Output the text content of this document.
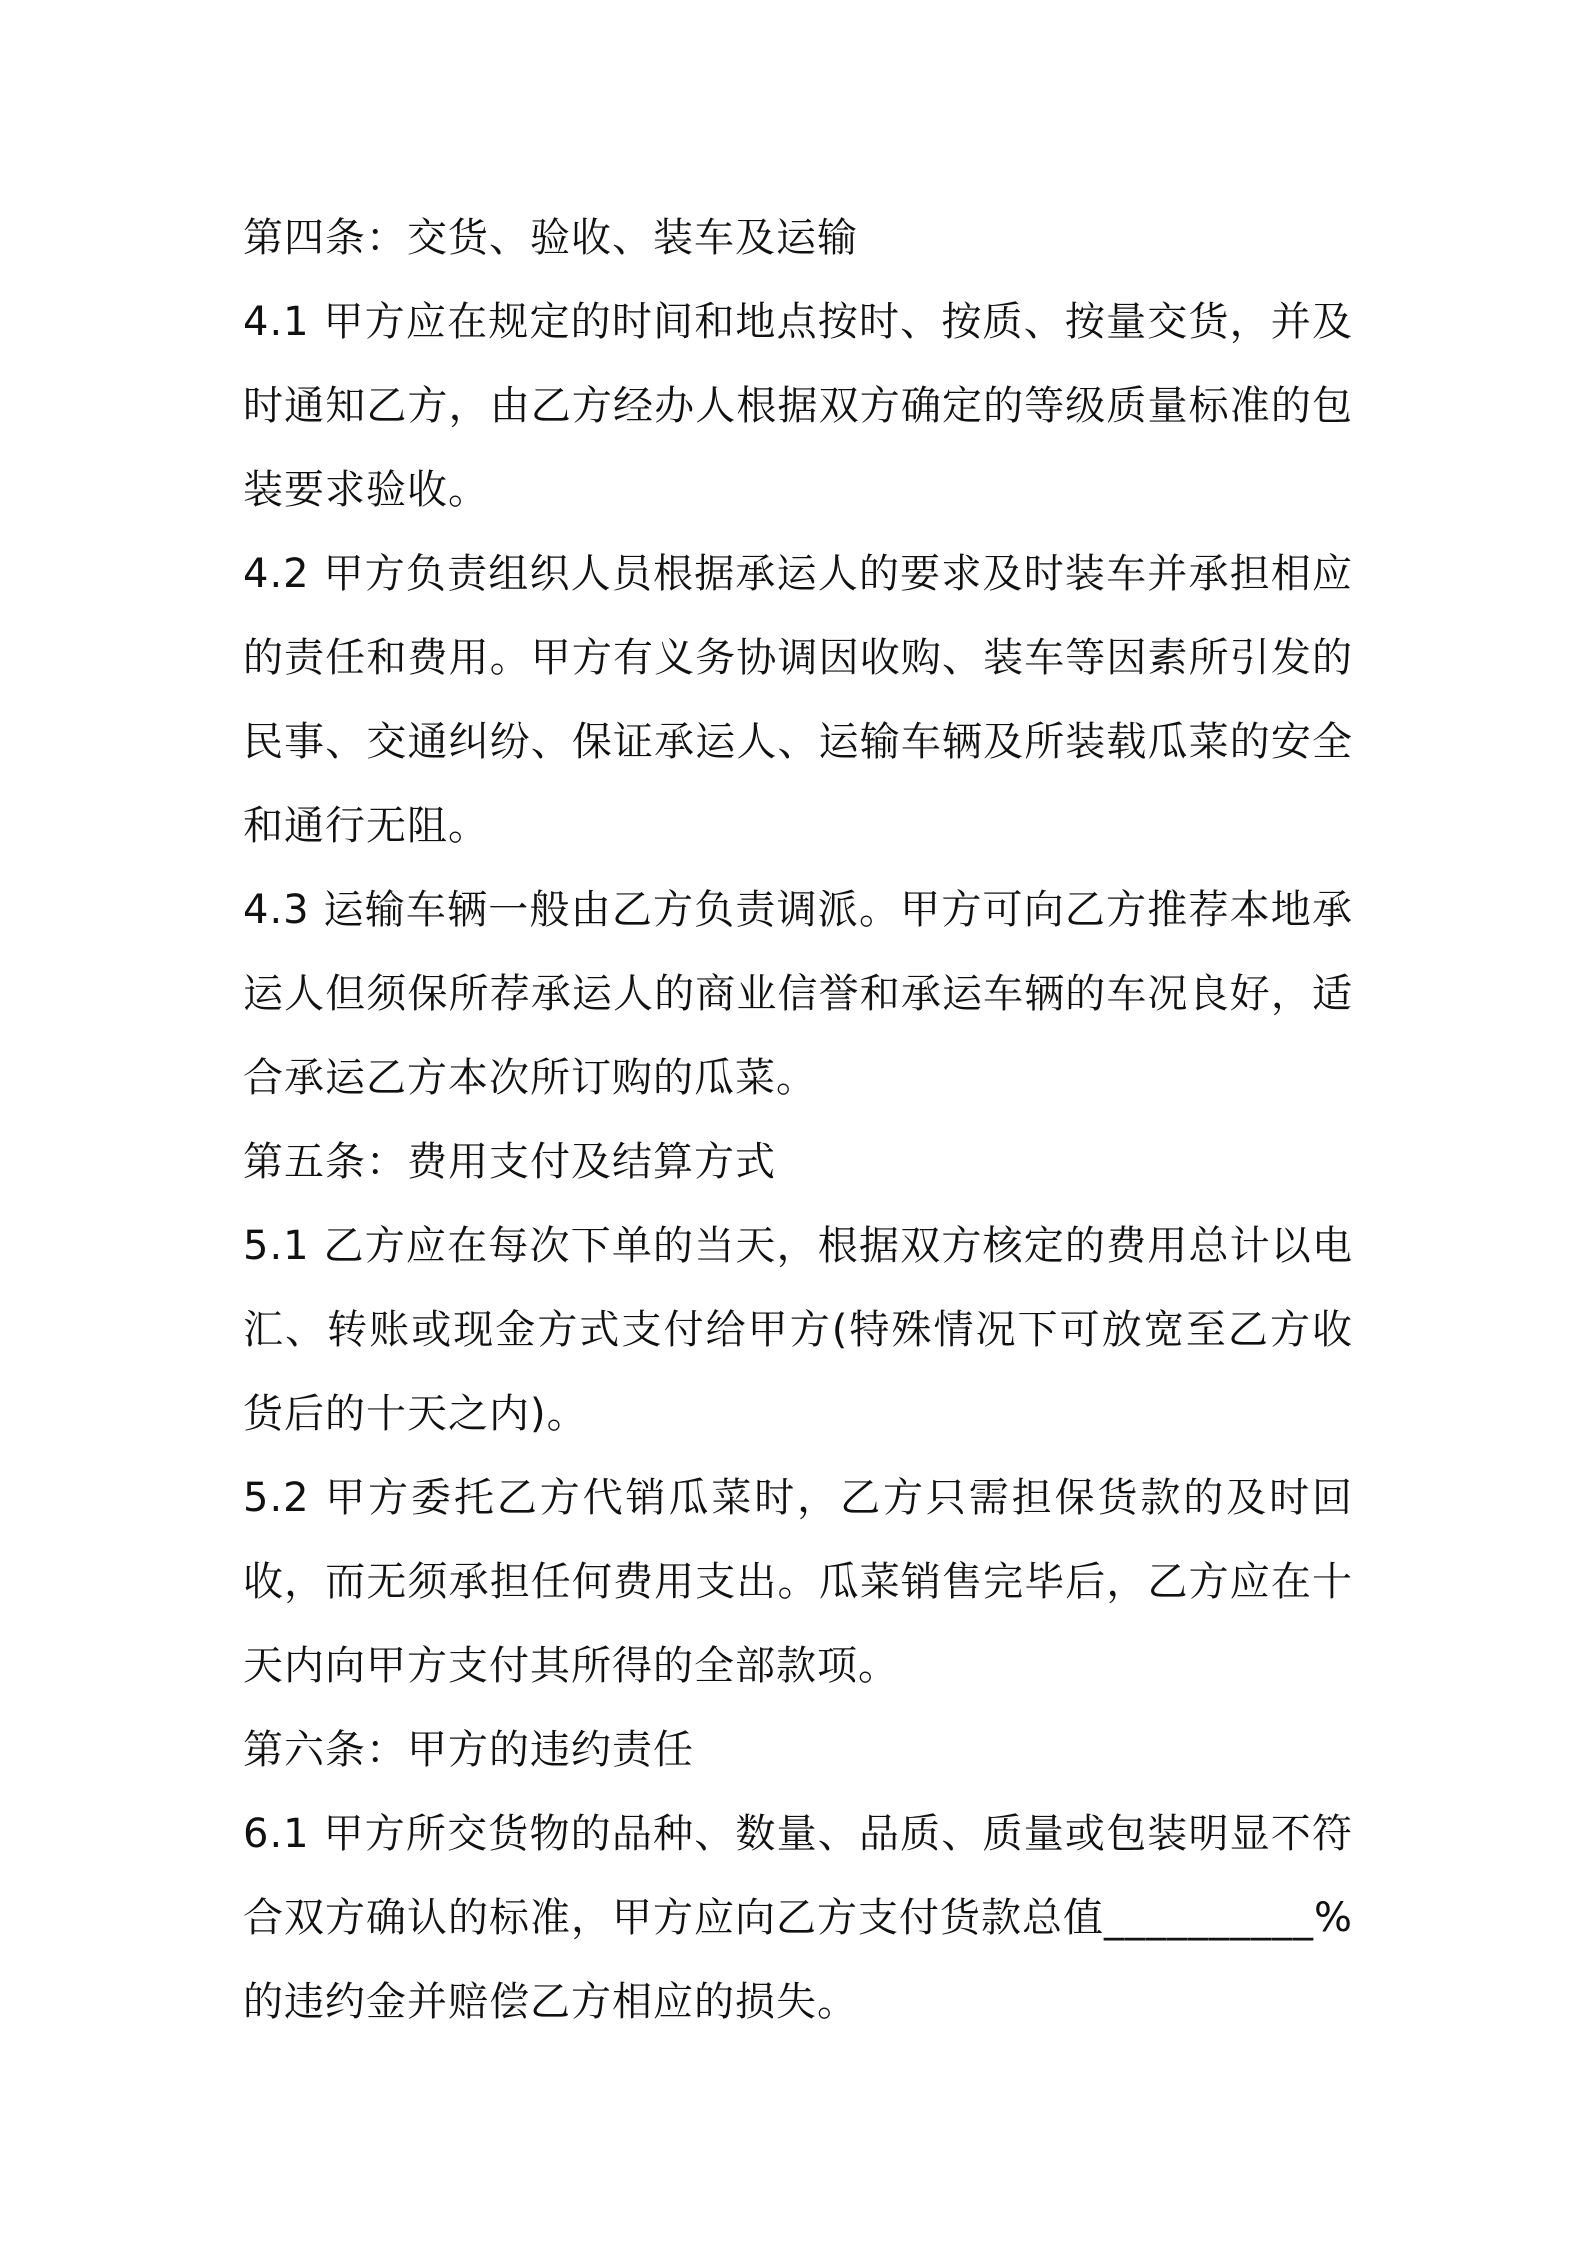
第四条：交货、验收、装车及运输

4.1 甲方应在规定的时间和地点按时、按质、按量交货，并及时通知乙方，由乙方经办人根据双方确定的等级质量标准的包装要求验收。

4.2 甲方负责组织人员根据承运人的要求及时装车并承担相应的责任和费用。甲方有义务协调因收购、装车等因素所引发的民事、交通纠纷、保证承运人、运输车辆及所装载瓜菜的安全和通行无阻。

4.3 运输车辆一般由乙方负责调派。甲方可向乙方推荐本地承运人但须保所荐承运人的商业信誉和承运车辆的车况良好，适合承运乙方本次所订购的瓜菜。

第五条：费用支付及结算方式

5.1 乙方应在每次下单的当天，根据双方核定的费用总计以电汇、转账或现金方式支付给甲方(特殊情况下可放宽至乙方收货后的十天之内)。

5.2 甲方委托乙方代销瓜菜时，乙方只需担保货款的及时回收，而无须承担任何费用支出。瓜菜销售完毕后，乙方应在十天内向甲方支付其所得的全部款项。

第六条：甲方的违约责任

6.1 甲方所交货物的品种、数量、品质、质量或包装明显不符合双方确认的标准，甲方应向乙方支付货款总值__________%的违约金并赔偿乙方相应的损失。
